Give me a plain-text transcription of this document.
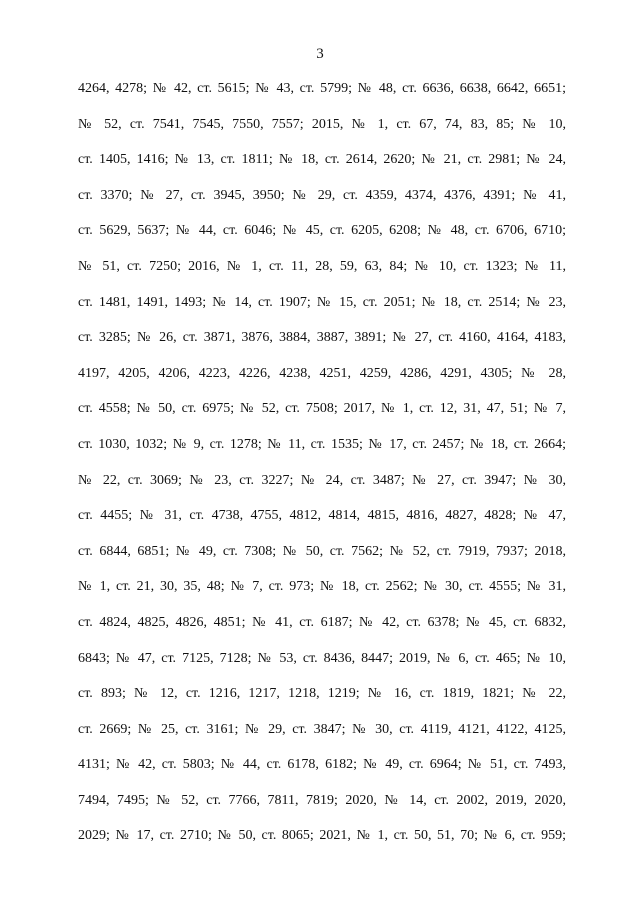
3
4264, 4278; № 42, ст. 5615; № 43, ст. 5799; № 48, ст. 6636, 6638, 6642, 6651;
№ 52, ст. 7541, 7545, 7550, 7557; 2015, № 1, ст. 67, 74, 83, 85; № 10,
ст. 1405, 1416; № 13, ст. 1811; № 18, ст. 2614, 2620; № 21, ст. 2981; № 24,
ст. 3370; № 27, ст. 3945, 3950; № 29, ст. 4359, 4374, 4376, 4391; № 41,
ст. 5629, 5637; № 44, ст. 6046; № 45, ст. 6205, 6208; № 48, ст. 6706, 6710;
№ 51, ст. 7250; 2016, № 1, ст. 11, 28, 59, 63, 84; № 10, ст. 1323; № 11,
ст. 1481, 1491, 1493; № 14, ст. 1907; № 15, ст. 2051; № 18, ст. 2514; № 23,
ст. 3285; № 26, ст. 3871, 3876, 3884, 3887, 3891; № 27, ст. 4160, 4164, 4183,
4197, 4205, 4206, 4223, 4226, 4238, 4251, 4259, 4286, 4291, 4305; № 28,
ст. 4558; № 50, ст. 6975; № 52, ст. 7508; 2017, № 1, ст. 12, 31, 47, 51; № 7,
ст. 1030, 1032; № 9, ст. 1278; № 11, ст. 1535; № 17, ст. 2457; № 18, ст. 2664;
№ 22, ст. 3069; № 23, ст. 3227; № 24, ст. 3487; № 27, ст. 3947; № 30,
ст. 4455; № 31, ст. 4738, 4755, 4812, 4814, 4815, 4816, 4827, 4828; № 47,
ст. 6844, 6851; № 49, ст. 7308; № 50, ст. 7562; № 52, ст. 7919, 7937; 2018,
№ 1, ст. 21, 30, 35, 48; № 7, ст. 973; № 18, ст. 2562; № 30, ст. 4555; № 31,
ст. 4824, 4825, 4826, 4851; № 41, ст. 6187; № 42, ст. 6378; № 45, ст. 6832,
6843; № 47, ст. 7125, 7128; № 53, ст. 8436, 8447; 2019, № 6, ст. 465; № 10,
ст. 893; № 12, ст. 1216, 1217, 1218, 1219; № 16, ст. 1819, 1821; № 22,
ст. 2669; № 25, ст. 3161; № 29, ст. 3847; № 30, ст. 4119, 4121, 4122, 4125,
4131; № 42, ст. 5803; № 44, ст. 6178, 6182; № 49, ст. 6964; № 51, ст. 7493,
7494, 7495; № 52, ст. 7766, 7811, 7819; 2020, № 14, ст. 2002, 2019, 2020,
2029; № 17, ст. 2710; № 50, ст. 8065; 2021, № 1, ст. 50, 51, 70; № 6, ст. 959;
